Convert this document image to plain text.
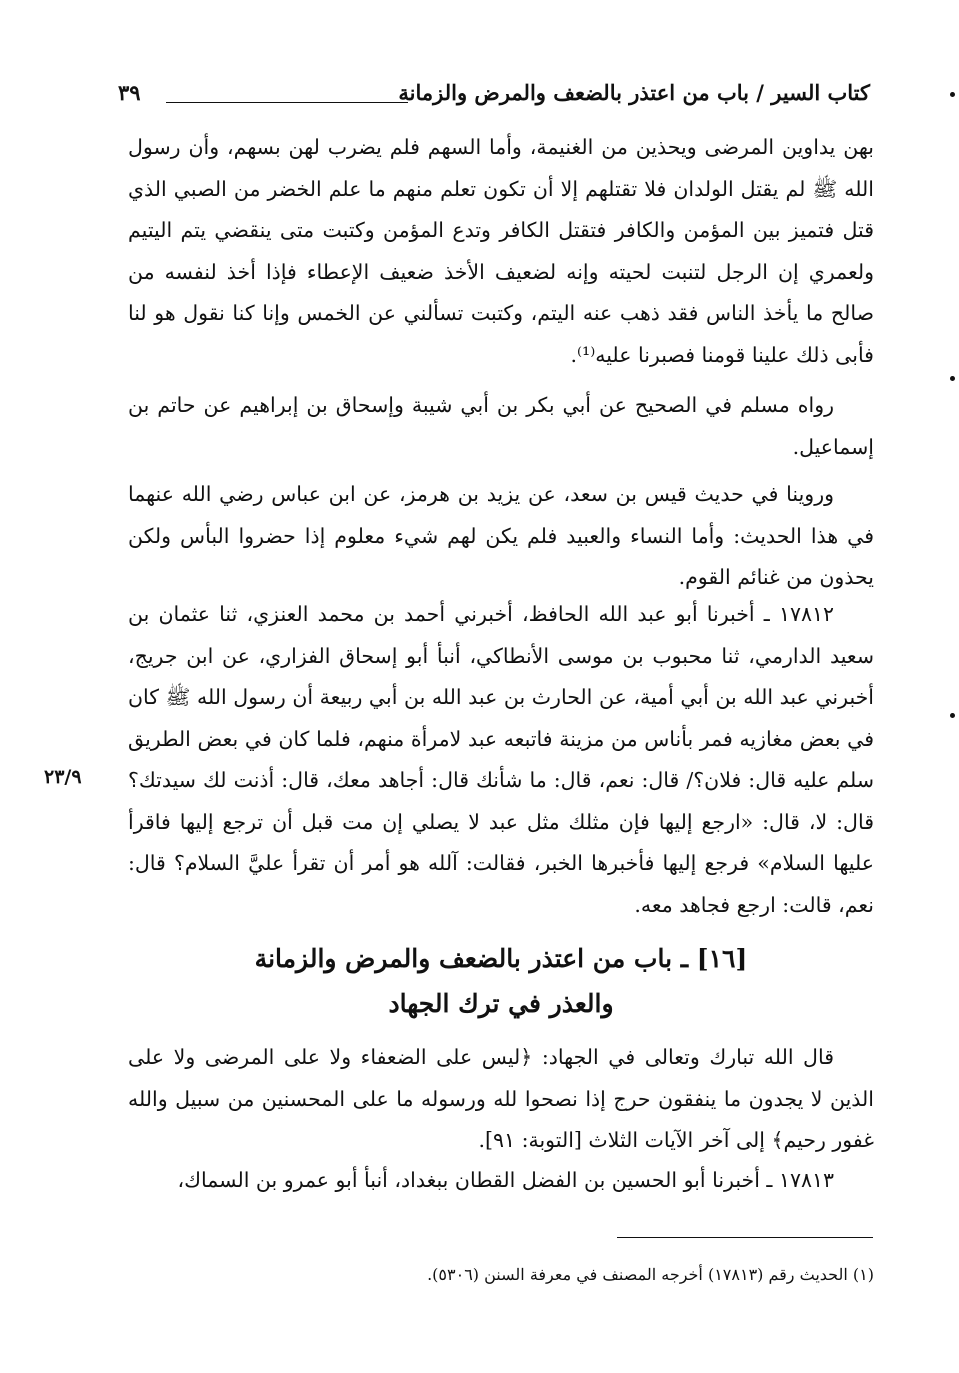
كتاب السير / باب من اعتذر بالضعف والمرض والزمانة
٣٩
بهن يداوين المرضى ويحذين من الغنيمة، وأما السهم فلم يضرب لهن بسهم، وأن رسول الله ﷺ لم يقتل الولدان فلا تقتلهم إلا أن تكون تعلم منهم ما علم الخضر من الصبي الذي قتل فتميز بين المؤمن والكافر فتقتل الكافر وتدع المؤمن وكتبت متى ينقضي يتم اليتيم ولعمري إن الرجل لتنبت لحيته وإنه لضعيف الأخذ ضعيف الإعطاء فإذا أخذ لنفسه من صالح ما يأخذ الناس فقد ذهب عنه اليتم، وكتبت تسألني عن الخمس وإنا كنا نقول هو لنا فأبى ذلك علينا قومنا فصبرنا عليه⁽¹⁾.
رواه مسلم في الصحيح عن أبي بكر بن أبي شيبة وإسحاق بن إبراهيم عن حاتم بن إسماعيل.
وروينا في حديث قيس بن سعد، عن يزيد بن هرمز، عن ابن عباس رضي الله عنهما في هذا الحديث: وأما النساء والعبيد فلم يكن لهم شيء معلوم إذا حضروا البأس ولكن يحذون من غنائم القوم.
١٧٨١٢ ـ أخبرنا أبو عبد الله الحافظ، أخبرني أحمد بن محمد العنزي، ثنا عثمان بن سعيد الدارمي، ثنا محبوب بن موسى الأنطاكي، أنبأ أبو إسحاق الفزاري، عن ابن جريج، أخبرني عبد الله بن أبي أمية، عن الحارث بن عبد الله بن أبي ربيعة أن رسول الله ﷺ كان في بعض مغازيه فمر بأناس من مزينة فاتبعه عبد لامرأة منهم، فلما كان في بعض الطريق سلم عليه قال: فلان؟/ قال: نعم، قال: ما شأنك قال: أجاهد معك، قال: أذنت لك سيدتك؟ قال: لا، قال: «ارجع إليها فإن مثلك مثل عبد لا يصلي إن مت قبل أن ترجع إليها فاقرأ عليها السلام» فرجع إليها فأخبرها الخبر، فقالت: آلله هو أمر أن تقرأ عليَّ السلام؟ قال: نعم، قالت: ارجع فجاهد معه.
٢٣/٩
[١٦] ـ باب من اعتذر بالضعف والمرض والزمانة
والعذر في ترك الجهاد
قال الله تبارك وتعالى في الجهاد: ﴿ليس على الضعفاء ولا على المرضى ولا على الذين لا يجدون ما ينفقون حرج إذا نصحوا لله ورسوله ما على المحسنين من سبيل والله غفور رحيم﴾ إلى آخر الآيات الثلاث [التوبة: ٩١].
١٧٨١٣ ـ أخبرنا أبو الحسين بن الفضل القطان ببغداد، أنبأ أبو عمرو بن السماك،
(١) الحديث رقم (١٧٨١٣) أخرجه المصنف في معرفة السنن (٥٣٠٦).
